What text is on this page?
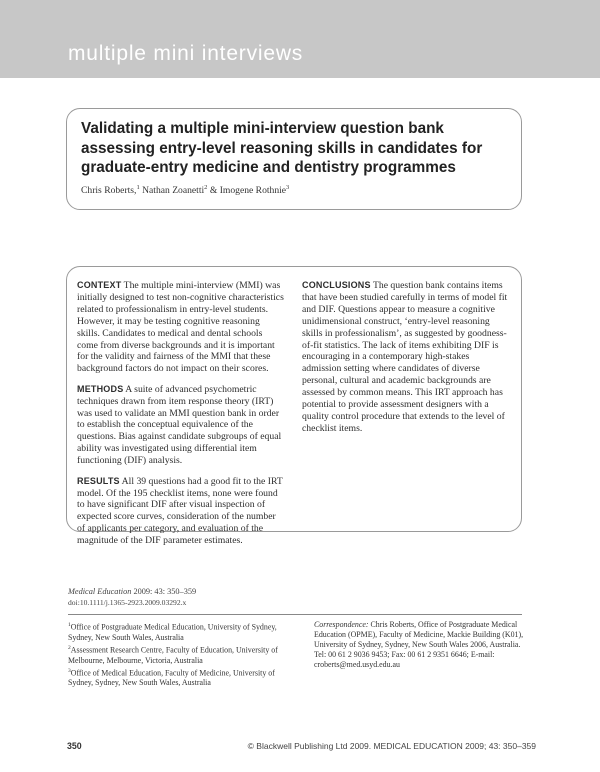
multiple mini interviews
Validating a multiple mini-interview question bank assessing entry-level reasoning skills in candidates for graduate-entry medicine and dentistry programmes
Chris Roberts,$^1$ Nathan Zoanetti$^2$ & Imogene Rothnie$^3$

CONTEXT The multiple mini-interview (MMI) was initially designed to test non-cognitive characteristics related to professionalism in entry-level students. However, it may be testing cognitive reasoning skills. Candidates to medical and dental schools come from diverse backgrounds and it is important for the validity and fairness of the MMI that these background factors do not impact on their scores.

METHODS A suite of advanced psychometric techniques drawn from item response theory (IRT) was used to validate an MMI question bank in order to establish the conceptual equivalence of the questions. Bias against candidate subgroups of equal ability was investigated using differential item functioning (DIF) analysis.

RESULTS All 39 questions had a good fit to the IRT model. Of the 195 checklist items, none were found to have significant DIF after visual inspection of expected score curves, consideration of the number of applicants per category, and evaluation of the magnitude of the DIF parameter estimates.

CONCLUSIONS The question bank contains items that have been studied carefully in terms of model fit and DIF. Questions appear to measure a cognitive unidimensional construct, ‘entry-level reasoning skills in professionalism’, as suggested by goodness-of-fit statistics. The lack of items exhibiting DIF is encouraging in a contemporary high-stakes admission setting where candidates of diverse personal, cultural and academic backgrounds are assessed by common means. This IRT approach has potential to provide assessment designers with a quality control procedure that extends to the level of checklist items.

Medical Education 2009: 43: 350–359
doi:10.1111/j.1365-2923.2009.03292.x
$^1$Office of Postgraduate Medical Education, University of Sydney, Sydney, New South Wales, Australia
$^2$Assessment Research Centre, Faculty of Education, University of Melbourne, Melbourne, Victoria, Australia
$^3$Office of Medical Education, Faculty of Medicine, University of Sydney, Sydney, New South Wales, Australia
Correspondence: Chris Roberts, Office of Postgraduate Medical Education (OPME), Faculty of Medicine, Mackie Building (K01), University of Sydney, Sydney, New South Wales 2006, Australia. Tel: 00 61 2 9036 9453; Fax: 00 61 2 9351 6646; E-mail: croberts@med.usyd.edu.au
350	© Blackwell Publishing Ltd 2009. MEDICAL EDUCATION 2009; 43: 350–359
